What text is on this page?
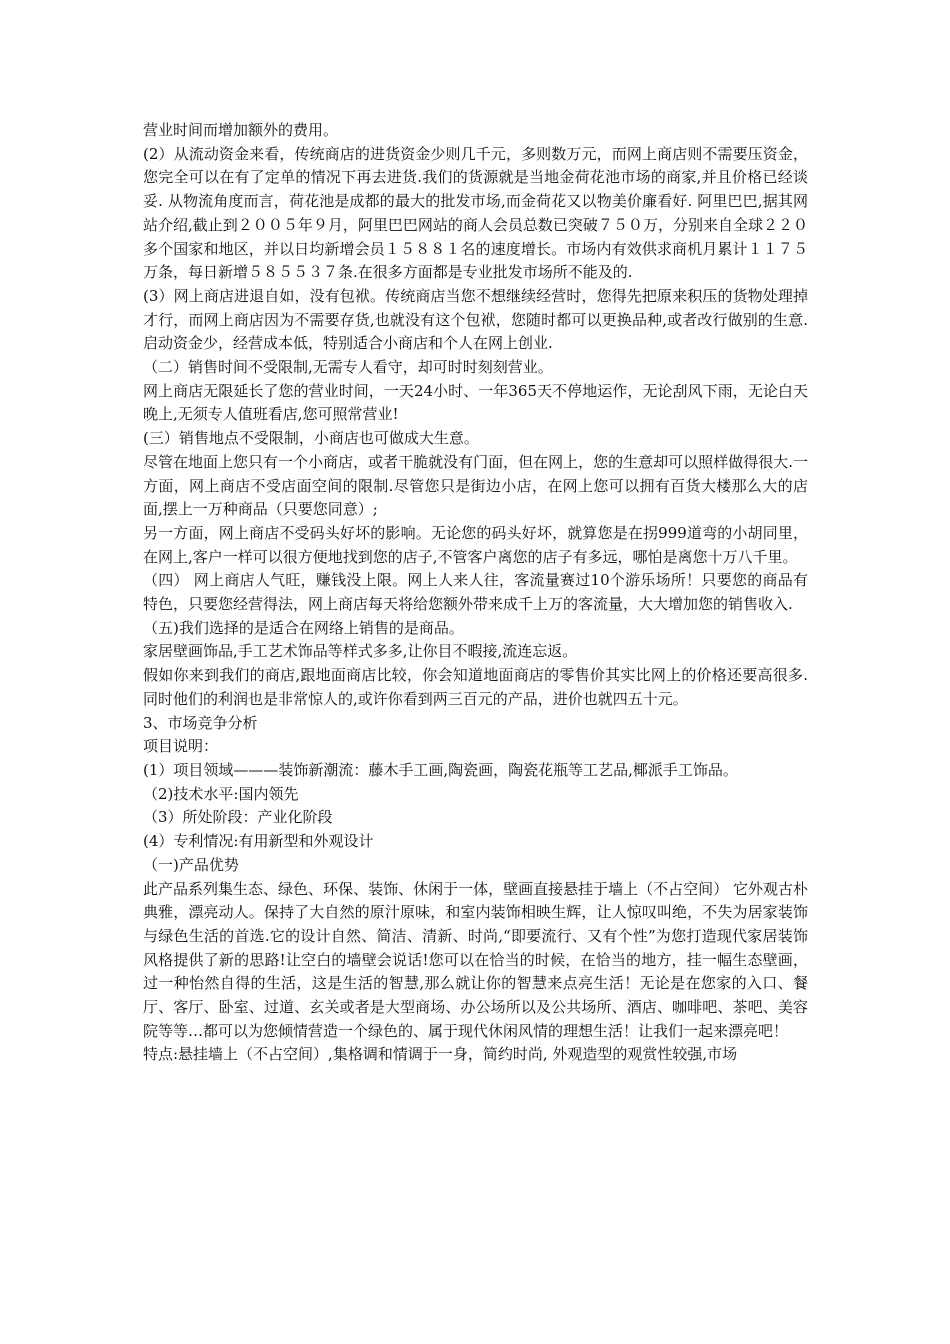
营业时间而增加额外的费用。

(2）从流动资金来看，传统商店的进货资金少则几千元，多则数万元，而网上商店则不需要压资金，您完全可以在有了定单的情况下再去进货.我们的货源就是当地金荷花池市场的商家,并且价格已经谈妥. 从物流角度而言，荷花池是成都的最大的批发市场,而金荷花又以物美价廉看好. 阿里巴巴,据其网站介绍,截止到２００５年９月，阿里巴巴网站的商人会员总数已突破７５０万，分别来自全球２２０多个国家和地区，并以日均新增会员１５８８１名的速度增长。市场内有效供求商机月累计１１７５万条，每日新增５８５５３７条.在很多方面都是专业批发市场所不能及的.

(3）网上商店进退自如，没有包袱。传统商店当您不想继续经营时，您得先把原来积压的货物处理掉才行，而网上商店因为不需要存货,也就没有这个包袱，您随时都可以更换品种,或者改行做别的生意.启动资金少，经营成本低，特别适合小商店和个人在网上创业.

（二）销售时间不受限制,无需专人看守，却可时时刻刻营业。

网上商店无限延长了您的营业时间，一天24小时、一年365天不停地运作，无论刮风下雨，无论白天晚上,无须专人值班看店,您可照常营业!

(三）销售地点不受限制，小商店也可做成大生意。

尽管在地面上您只有一个小商店，或者干脆就没有门面，但在网上，您的生意却可以照样做得很大.一方面，网上商店不受店面空间的限制.尽管您只是街边小店，在网上您可以拥有百货大楼那么大的店面,摆上一万种商品（只要您同意）;

另一方面，网上商店不受码头好坏的影响。无论您的码头好坏，就算您是在拐999道弯的小胡同里，在网上,客户一样可以很方便地找到您的店子,不管客户离您的店子有多远，哪怕是离您十万八千里。

（四） 网上商店人气旺，赚钱没上限。网上人来人往，客流量赛过10个游乐场所！只要您的商品有特色，只要您经营得法，网上商店每天将给您额外带来成千上万的客流量，大大增加您的销售收入.

（五)我们选择的是适合在网络上销售的是商品。

家居壁画饰品,手工艺术饰品等样式多多,让你目不暇接,流连忘返。

假如你来到我们的商店,跟地面商店比较，你会知道地面商店的零售价其实比网上的价格还要高很多.同时他们的利润也是非常惊人的,或许你看到两三百元的产品，进价也就四五十元。

3、市场竞争分析

项目说明：

(1）项目领域———装饰新潮流：藤木手工画,陶瓷画，陶瓷花瓶等工艺品,椰派手工饰品。

（2)技术水平:国内领先

（3）所处阶段：产业化阶段

(4）专利情况:有用新型和外观设计

（一)产品优势

此产品系列集生态、绿色、环保、装饰、休闲于一体，壁画直接悬挂于墙上（不占空间） 它外观古朴典雅，漂亮动人。保持了大自然的原汁原味，和室内装饰相映生辉，让人惊叹叫绝，不失为居家装饰与绿色生活的首选.它的设计自然、简洁、清新、时尚,“即要流行、又有个性”为您打造现代家居装饰风格提供了新的思路!让空白的墙壁会说话!您可以在恰当的时候，在恰当的地方，挂一幅生态壁画，过一种怡然自得的生活，这是生活的智慧,那么就让你的智慧来点亮生活！无论是在您家的入口、餐厅、客厅、卧室、过道、玄关或者是大型商场、办公场所以及公共场所、酒店、咖啡吧、茶吧、美容院等等…都可以为您倾情营造一个绿色的、属于现代休闲风情的理想生活！让我们一起来漂亮吧！

特点:悬挂墙上（不占空间）,集格调和情调于一身，简约时尚, 外观造型的观赏性较强,市场
